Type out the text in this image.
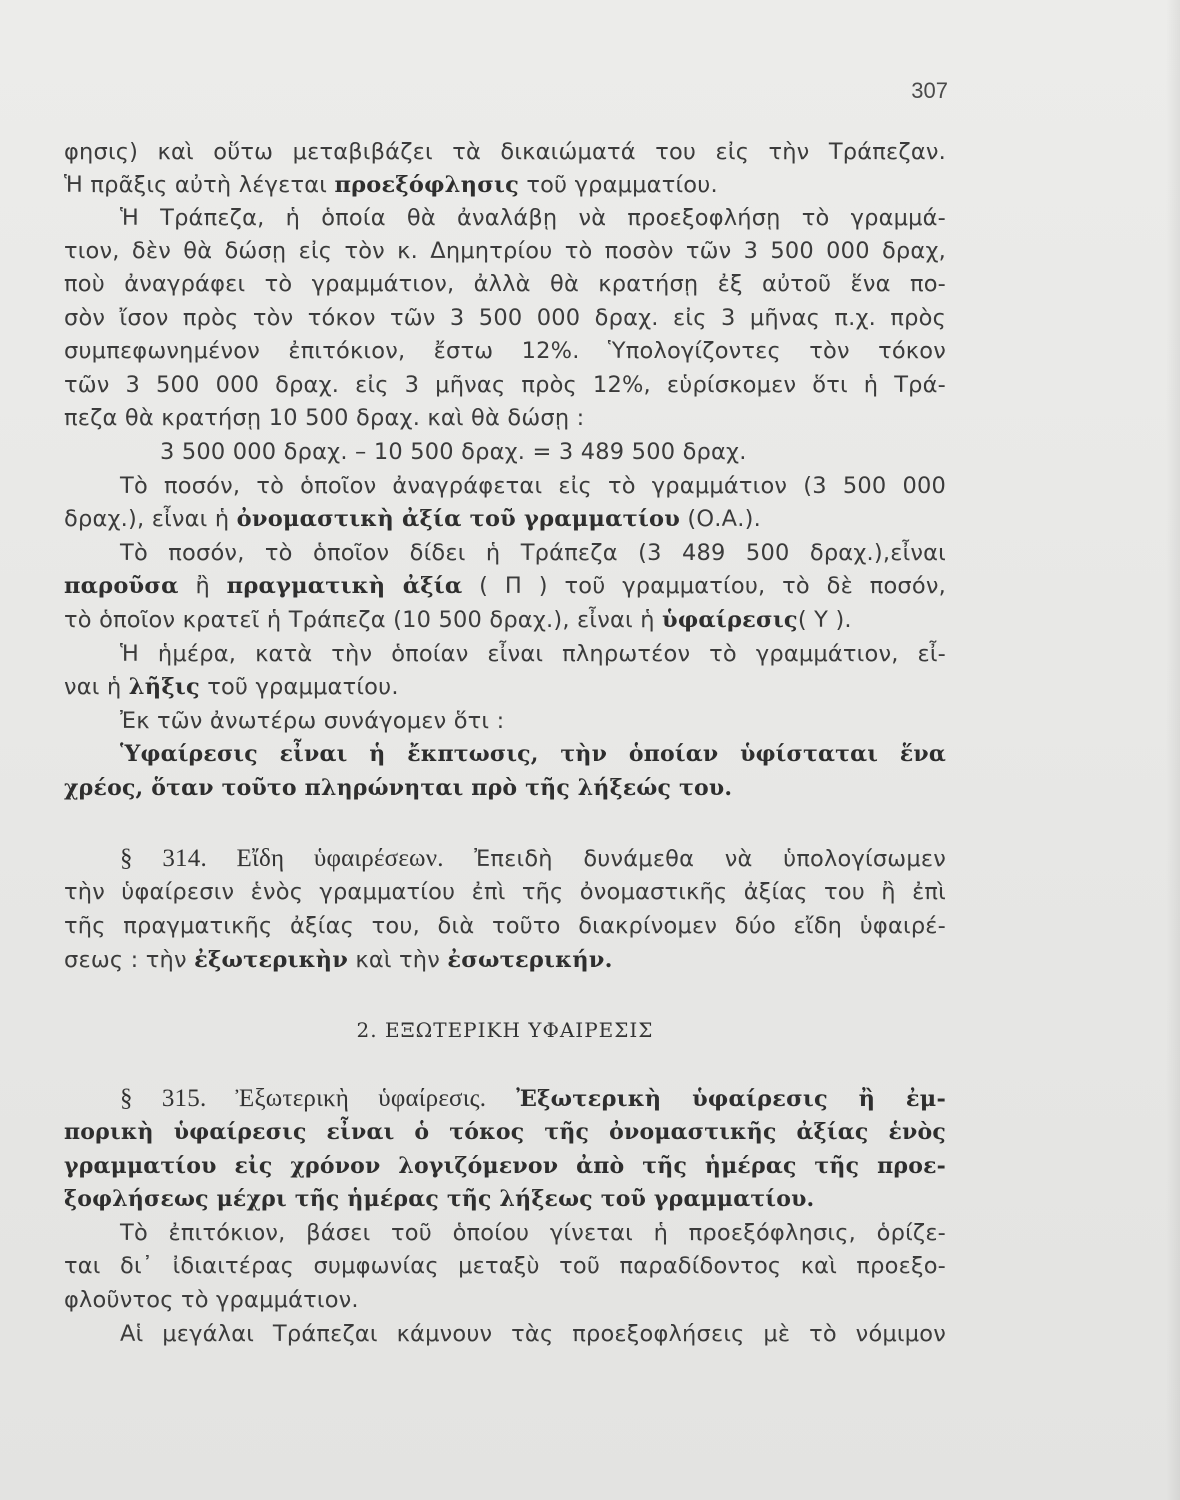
307
φησις) καὶ οὕτω μεταβιβάζει τὰ δικαιώματά του εἰς τὴν Τράπεζαν.
Ἡ πρᾶξις αὐτὴ λέγεται προεξόφλησις τοῦ γραμματίου.
Ἡ Τράπεζα, ἡ ὁποία θὰ ἀναλάβῃ νὰ προεξοφλήσῃ τὸ γραμμά-
τιον, δὲν θὰ δώσῃ εἰς τὸν κ. Δημητρίου τὸ ποσὸν τῶν 3 500 000 δραχ,
ποὺ ἀναγράφει τὸ γραμμάτιον, ἀλλὰ θὰ κρατήσῃ ἐξ αὐτοῦ ἕνα πο-
σὸν ἴσον πρὸς τὸν τόκον τῶν 3 500 000 δραχ. εἰς 3 μῆνας π.χ. πρὸς
συμπεφωνημένον ἐπιτόκιον, ἔστω 12%. Ὑπολογίζοντες τὸν τόκον
τῶν 3 500 000 δραχ. εἰς 3 μῆνας πρὸς 12%, εὑρίσκομεν ὅτι ἡ Τρά-
πεζα θὰ κρατήσῃ 10 500 δραχ. καὶ θὰ δώσῃ :
3 500 000 δραχ. – 10 500 δραχ. = 3 489 500 δραχ.
Τὸ ποσόν, τὸ ὁποῖον ἀναγράφεται εἰς τὸ γραμμάτιον (3 500 000
δραχ.), εἶναι ἡ ὀνομαστικὴ ἀξία τοῦ γραμματίου (Ο.Α.).
Τὸ ποσόν, τὸ ὁποῖον δίδει ἡ Τράπεζα (3 489 500 δραχ.),εἶναι
παροῦσα ἢ πραγματικὴ ἀξία ( Π ) τοῦ γραμματίου, τὸ δὲ ποσόν,
τὸ ὁποῖον κρατεῖ ἡ Τράπεζα (10 500 δραχ.), εἶναι ἡ ὑφαίρεσις( Υ ).
Ἡ ἡμέρα, κατὰ τὴν ὁποίαν εἶναι πληρωτέον τὸ γραμμάτιον, εἶ-
ναι ἡ λῆξις τοῦ γραμματίου.
Ἐκ τῶν ἀνωτέρω συνάγομεν ὅτι :
Ὑφαίρεσις εἶναι ἡ ἔκπτωσις, τὴν ὁποίαν ὑφίσταται ἕνα
χρέος, ὅταν τοῦτο πληρώνηται πρὸ τῆς λήξεώς του.
§ 314. Εἴδη ὑφαιρέσεων. Ἐπειδὴ δυνάμεθα νὰ ὑπολογίσωμεν
τὴν ὑφαίρεσιν ἑνὸς γραμματίου ἐπὶ τῆς ὀνομαστικῆς ἀξίας του ἢ ἐπὶ
τῆς πραγματικῆς ἀξίας του, διὰ τοῦτο διακρίνομεν δύο εἴδη ὑφαιρέ-
σεως : τὴν ἐξωτερικὴν καὶ τὴν ἐσωτερικήν.
2. ΕΞΩΤΕΡΙΚΗ ΥΦΑΙΡΕΣΙΣ
§ 315. Ἐξωτερικὴ ὑφαίρεσις. Ἐξωτερικὴ ὑφαίρεσις ἢ ἐμ-
πορικὴ ὑφαίρεσις εἶναι ὁ τόκος τῆς ὀνομαστικῆς ἀξίας ἑνὸς
γραμματίου εἰς χρόνον λογιζόμενον ἀπὸ τῆς ἡμέρας τῆς προε-
ξοφλήσεως μέχρι τῆς ἡμέρας τῆς λήξεως τοῦ γραμματίου.
Τὸ ἐπιτόκιον, βάσει τοῦ ὁποίου γίνεται ἡ προεξόφλησις, ὁρίζε-
ται δι᾽ ἰδιαιτέρας συμφωνίας μεταξὺ τοῦ παραδίδοντος καὶ προεξο-
φλοῦντος τὸ γραμμάτιον.
Αἱ μεγάλαι Τράπεζαι κάμνουν τὰς προεξοφλήσεις μὲ τὸ νόμιμον
